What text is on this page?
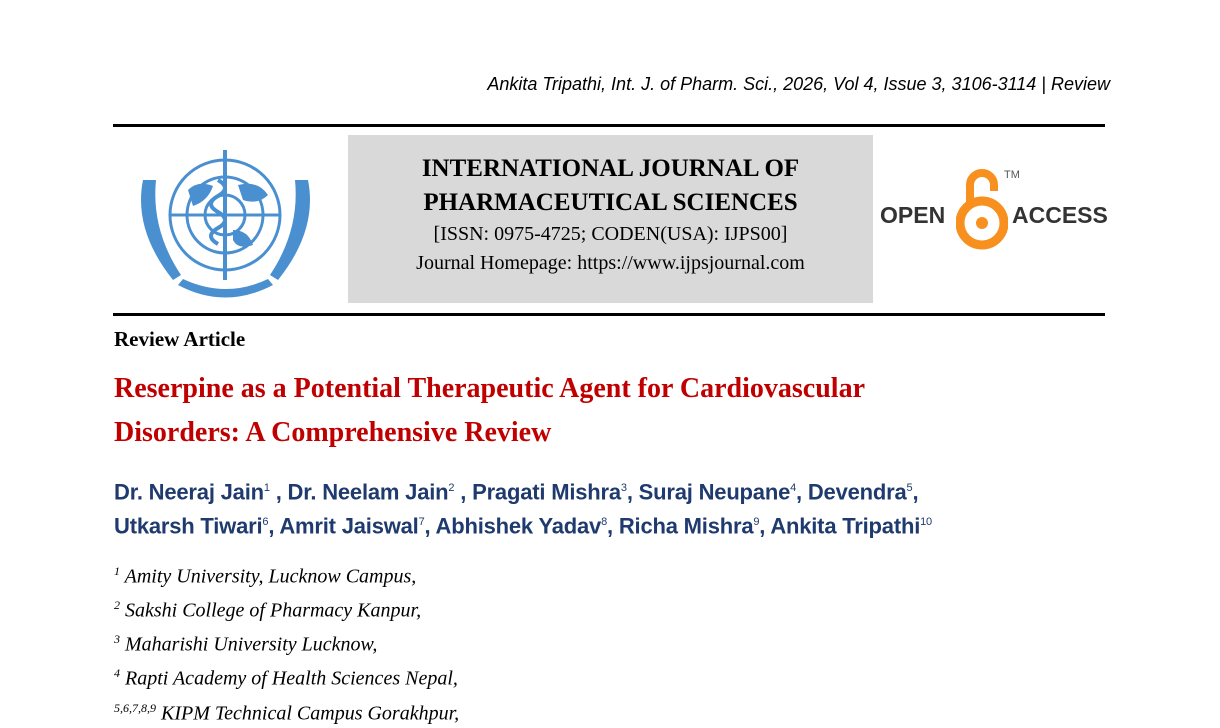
Ankita Tripathi, Int. J. of Pharm. Sci., 2026, Vol 4, Issue 3, 3106-3114 | Review
INTERNATIONAL JOURNAL OF
PHARMACEUTICAL SCIENCES
[ISSN: 0975-4725; CODEN(USA): IJPS00]
Journal Homepage: https://www.ijpsjournal.com
OPEN
TM
ACCESS
Review Article
Reserpine as a Potential Therapeutic Agent for Cardiovascular
Disorders: A Comprehensive Review
Dr. Neeraj Jain$^1$ , Dr. Neelam Jain$^2$ , Pragati Mishra$^3$, Suraj Neupane$^4$, Devendra$^5$,
Utkarsh Tiwari$^6$, Amrit Jaiswal$^7$, Abhishek Yadav$^8$, Richa Mishra$^9$, Ankita Tripathi$^{10}$
$^1$ Amity University, Lucknow Campus,
$^2$ Sakshi College of Pharmacy Kanpur,
$^3$ Maharishi University Lucknow,
$^4$ Rapti Academy of Health Sciences Nepal,
$^{5,6,7,8,9}$ KIPM Technical Campus Gorakhpur,
